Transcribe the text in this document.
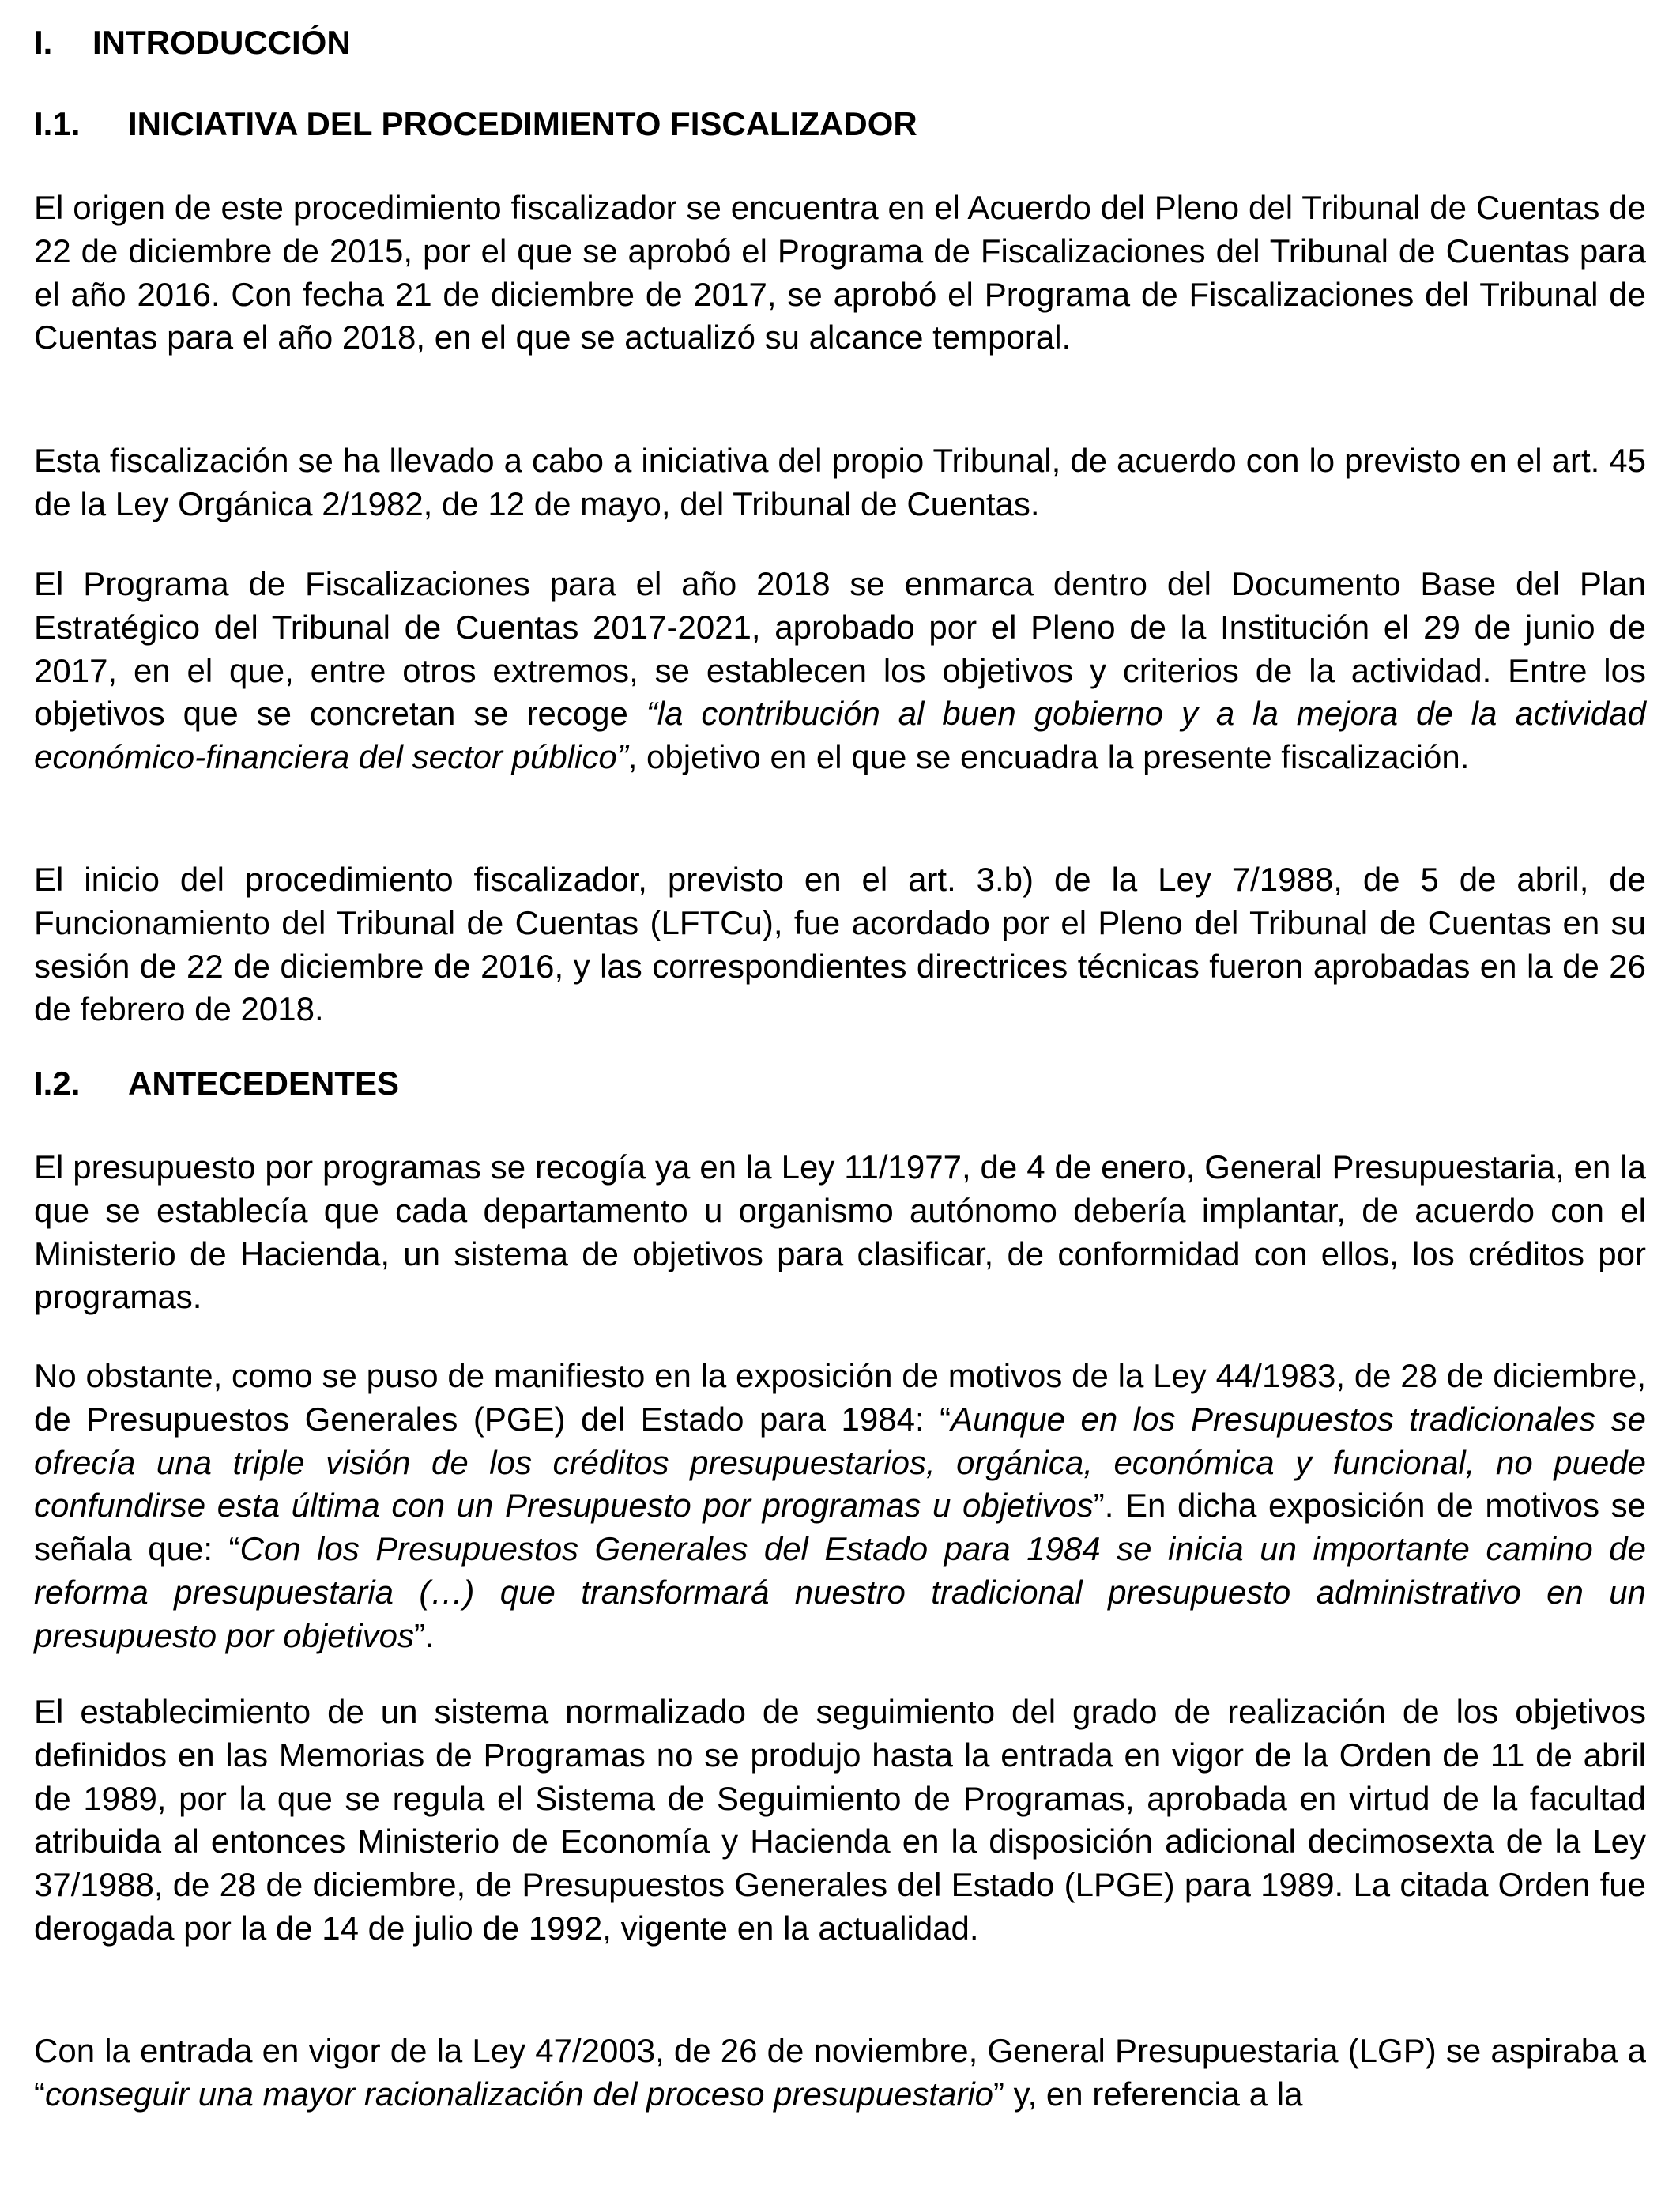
I. INTRODUCCIÓN
I.1. INICIATIVA DEL PROCEDIMIENTO FISCALIZADOR

El origen de este procedimiento fiscalizador se encuentra en el Acuerdo del Pleno del Tribunal de Cuentas de 22 de diciembre de 2015, por el que se aprobó el Programa de Fiscalizaciones del Tribunal de Cuentas para el año 2016. Con fecha 21 de diciembre de 2017, se aprobó el Programa de Fiscalizaciones del Tribunal de Cuentas para el año 2018, en el que se actualizó su alcance temporal.

Esta fiscalización se ha llevado a cabo a iniciativa del propio Tribunal, de acuerdo con lo previsto en el art. 45 de la Ley Orgánica 2/1982, de 12 de mayo, del Tribunal de Cuentas.

El Programa de Fiscalizaciones para el año 2018 se enmarca dentro del Documento Base del Plan Estratégico del Tribunal de Cuentas 2017-2021, aprobado por el Pleno de la Institución el 29 de junio de 2017, en el que, entre otros extremos, se establecen los objetivos y criterios de la actividad. Entre los objetivos que se concretan se recoge “la contribución al buen gobierno y a la mejora de la actividad económico-financiera del sector público”, objetivo en el que se encuadra la presente fiscalización.

El inicio del procedimiento fiscalizador, previsto en el art. 3.b) de la Ley 7/1988, de 5 de abril, de Funcionamiento del Tribunal de Cuentas (LFTCu), fue acordado por el Pleno del Tribunal de Cuentas en su sesión de 22 de diciembre de 2016, y las correspondientes directrices técnicas fueron aprobadas en la de 26 de febrero de 2018.

I.2. ANTECEDENTES

El presupuesto por programas se recogía ya en la Ley 11/1977, de 4 de enero, General Presupuestaria, en la que se establecía que cada departamento u organismo autónomo debería implantar, de acuerdo con el Ministerio de Hacienda, un sistema de objetivos para clasificar, de conformidad con ellos, los créditos por programas.

No obstante, como se puso de manifiesto en la exposición de motivos de la Ley 44/1983, de 28 de diciembre, de Presupuestos Generales (PGE) del Estado para 1984: “Aunque en los Presupuestos tradicionales se ofrecía una triple visión de los créditos presupuestarios, orgánica, económica y funcional, no puede confundirse esta última con un Presupuesto por programas u objetivos”. En dicha exposición de motivos se señala que: “Con los Presupuestos Generales del Estado para 1984 se inicia un importante camino de reforma presupuestaria (…) que transformará nuestro tradicional presupuesto administrativo en un presupuesto por objetivos”.

El establecimiento de un sistema normalizado de seguimiento del grado de realización de los objetivos definidos en las Memorias de Programas no se produjo hasta la entrada en vigor de la Orden de 11 de abril de 1989, por la que se regula el Sistema de Seguimiento de Programas, aprobada en virtud de la facultad atribuida al entonces Ministerio de Economía y Hacienda en la disposición adicional decimosexta de la Ley 37/1988, de 28 de diciembre, de Presupuestos Generales del Estado (LPGE) para 1989. La citada Orden fue derogada por la de 14 de julio de 1992, vigente en la actualidad.

Con la entrada en vigor de la Ley 47/2003, de 26 de noviembre, General Presupuestaria (LGP) se aspiraba a “conseguir una mayor racionalización del proceso presupuestario” y, en referencia a la
